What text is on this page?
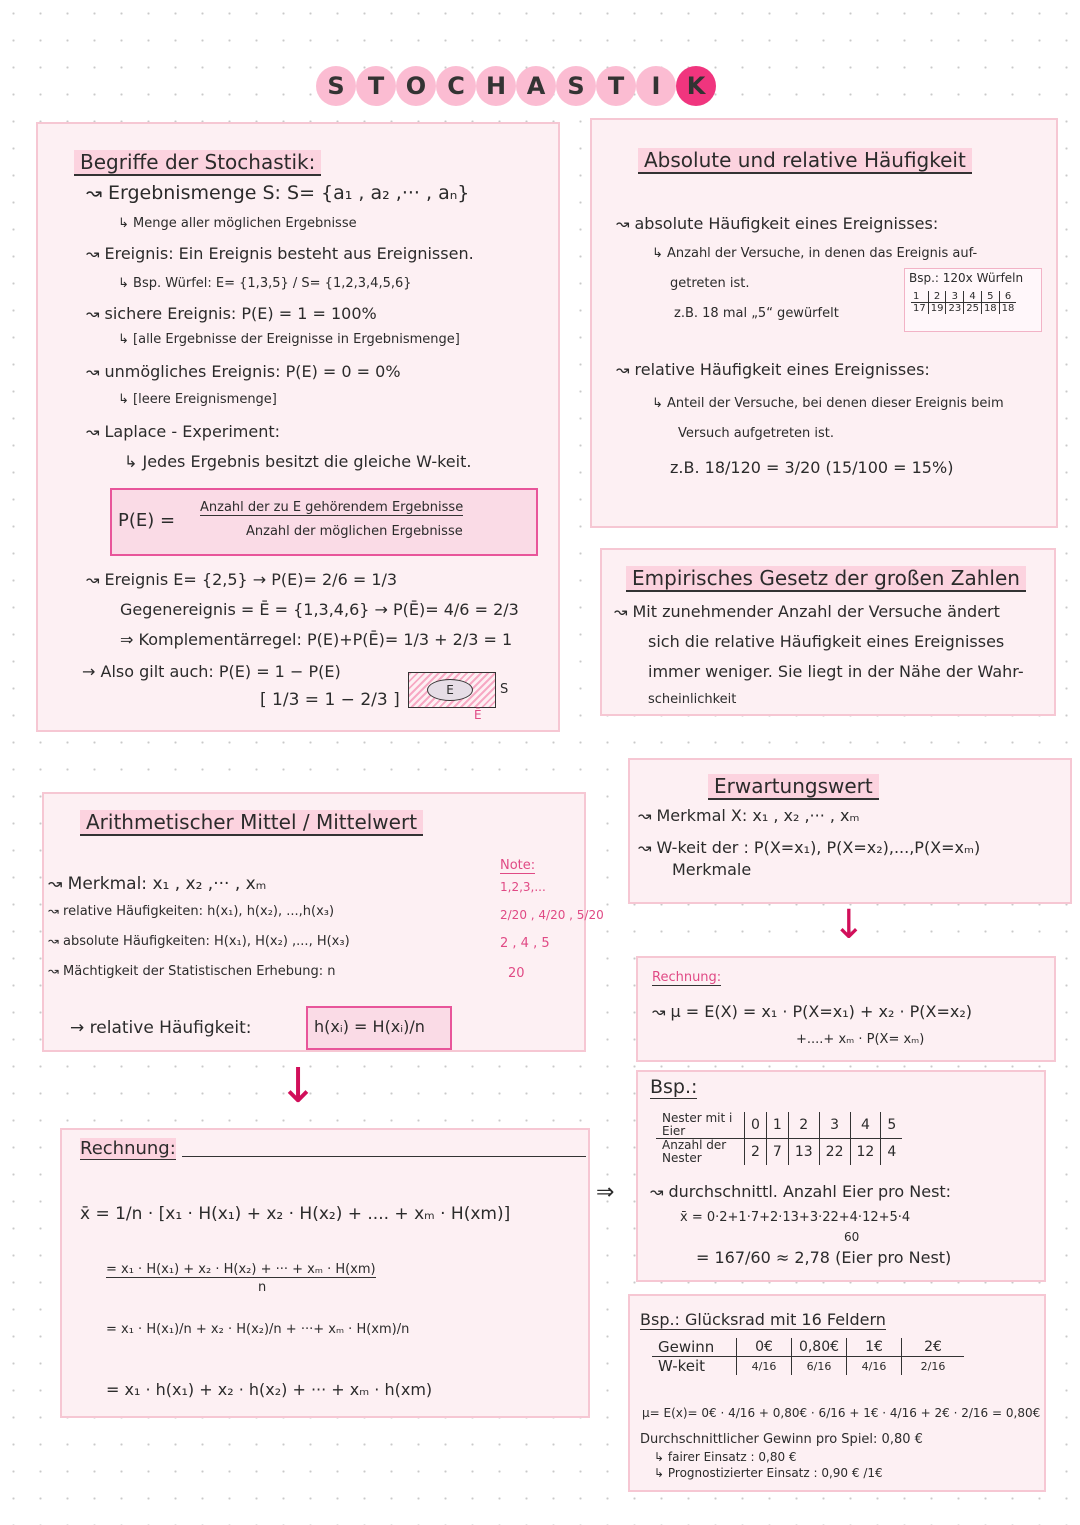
S T O C H A S T	I	K
Begriffe der Stochastik:
↝ Ergebnismenge S: S= {a₁ , a₂ ,··· , aₙ}
↳ Menge aller möglichen Ergebnisse
↝ Ereignis: Ein Ereignis besteht aus Ereignissen.
↳ Bsp. Würfel: E= {1,3,5} / S= {1,2,3,4,5,6}
↝ sichere Ereignis: P(E) = 1 = 100%
↳ [alle Ergebnisse der Ereignisse in Ergebnismenge]
↝ unmögliches Ereignis: P(E) = 0 = 0%
↳ [leere Ereignismenge]
↝ Laplace - Experiment:
↳ Jedes Ergebnis besitzt die gleiche W-keit.
P(E) =
Anzahl der zu E gehörendem Ergebnisse
Anzahl der möglichen Ergebnisse
↝ Ereignis E= {2,5} → P(E)= 2/6 = 1/3
Gegenereignis = Ē = {1,3,4,6} → P(Ē)= 4/6 = 2/3
⇒ Komplementärregel: P(E)+P(Ē)= 1/3 + 2/3 = 1
→ Also gilt auch: P(E) = 1 − P(E)
[ 1/3 = 1 − 2/3 ]	E	S
Ē
Absolute und relative Häufigkeit
↝ absolute Häufigkeit eines Ereignisses:
↳ Anzahl der Versuche, in denen das Ereignis auf-
getreten ist.
z.B. 18 mal „5“ gewürfelt
Bsp.: 120x Würfeln
1	2	3	4	5	6
17	19	23	25	18	18
↝ relative Häufigkeit eines Ereignisses:
↳ Anteil der Versuche, bei denen dieser Ereignis beim
Versuch aufgetreten ist.
z.B. 18/120 = 3/20 (15/100 = 15%)
Empirisches Gesetz der großen Zahlen
↝ Mit zunehmender Anzahl der Versuche ändert
sich die relative Häufigkeit eines Ereignisses
immer weniger. Sie liegt in der Nähe der Wahr-
scheinlichkeit
Erwartungswert
↝ Merkmal X: x₁ , x₂ ,··· , xₘ
↝ W-keit der : P(X=x₁), P(X=x₂),...,P(X=xₘ)
Merkmale
↓
Rechnung:
↝ μ = E(X) = x₁ · P(X=x₁) + x₂ · P(X=x₂)
+....+ xₘ · P(X= xₘ)
Bsp.:
Nester mit i Eier	0	1	2	3	4	5
Anzahl der Nester	2	7	13	22	12	4
↝ durchschnittl. Anzahl Eier pro Nest:
x̄ = 0·2+1·7+2·13+3·22+4·12+5·4
60
= 167/60 ≈ 2,78 (Eier pro Nest)
Bsp.: Glücksrad mit 16 Feldern
Gewinn	0€	0,80€	1€	2€
W-keit	4/16	6/16	4/16	2/16
μ= E(x)= 0€ · 4/16 + 0,80€ · 6/16 + 1€ · 4/16 + 2€ · 2/16 = 0,80€
Durchschnittlicher Gewinn pro Spiel: 0,80 €
↳ fairer Einsatz : 0,80 €
↳ Prognostizierter Einsatz : 0,90 € /1€
Arithmetischer Mittel / Mittelwert
Note:
1,2,3,...
↝ Merkmal: x₁ , x₂ ,··· , xₘ
↝ relative Häufigkeiten: h(x₁), h(x₂), ...,h(x₃)	2/20 , 4/20 , 5/20
↝ absolute Häufigkeiten: H(x₁), H(x₂) ,..., H(x₃)	2 , 4 , 5
↝ Mächtigkeit der Statistischen Erhebung: n	20
→ relative Häufigkeit:	h(xᵢ) = H(xᵢ)/n
↓
Rechnung:
x̄ = 1/n · [x₁ · H(x₁) + x₂ · H(x₂) + .... + xₘ · H(xm)]
= x₁ · H(x₁) + x₂ · H(x₂) + ··· + xₘ · H(xm)
n
= x₁ · H(x₁)/n + x₂ · H(x₂)/n + ···+ xₘ · H(xm)/n
= x₁ · h(x₁) + x₂ · h(x₂) + ··· + xₘ · h(xm)
⇒
